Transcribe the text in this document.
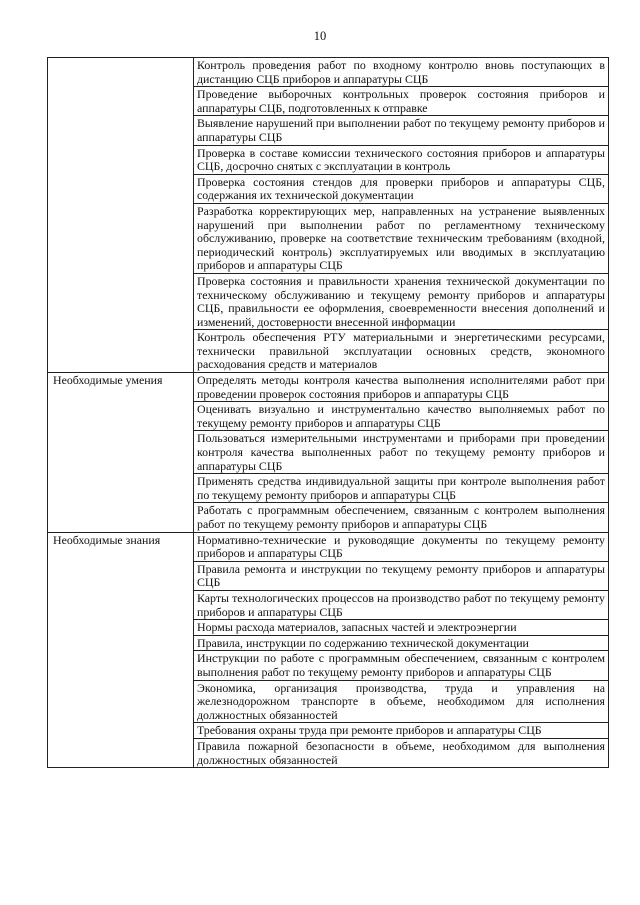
10
	Контроль проведения работ по входному контролю вновь поступающих в дистанцию СЦБ приборов и аппаратуры СЦБ
	Проведение выборочных контрольных проверок состояния приборов и аппаратуры СЦБ, подготовленных к отправке
	Выявление нарушений при выполнении работ по текущему ремонту приборов и аппаратуры СЦБ
	Проверка в составе комиссии технического состояния приборов и аппаратуры СЦБ, досрочно снятых с эксплуатации в контроль
	Проверка состояния стендов для проверки приборов и аппаратуры СЦБ, содержания их технической документации
	Разработка корректирующих мер, направленных на устранение выявленных нарушений при выполнении работ по регламентному техническому обслуживанию, проверке на соответствие техническим требованиям (входной, периодический контроль) эксплуатируемых или вводимых в эксплуатацию приборов и аппаратуры СЦБ
	Проверка состояния и правильности хранения технической документации по техническому обслуживанию и текущему ремонту приборов и аппаратуры СЦБ, правильности ее оформления, своевременности внесения дополнений и изменений, достоверности внесенной информации
	Контроль обеспечения РТУ материальными и энергетическими ресурсами, технически правильной эксплуатации основных средств, экономного расходования средств и материалов
Необходимые умения	Определять методы контроля качества выполнения исполнителями работ при проведении проверок состояния приборов и аппаратуры СЦБ
	Оценивать визуально и инструментально качество выполняемых работ по текущему ремонту приборов и аппаратуры СЦБ
	Пользоваться измерительными инструментами и приборами при проведении контроля качества выполненных работ по текущему ремонту приборов и аппаратуры СЦБ
	Применять средства индивидуальной защиты при контроле выполнения работ по текущему ремонту приборов и аппаратуры СЦБ
	Работать с программным обеспечением, связанным с контролем выполнения работ по текущему ремонту приборов и аппаратуры СЦБ
Необходимые знания	Нормативно-технические и руководящие документы по текущему ремонту приборов и аппаратуры СЦБ
	Правила ремонта и инструкции по текущему ремонту приборов и аппаратуры СЦБ
	Карты технологических процессов на производство работ по текущему ремонту приборов и аппаратуры СЦБ
	Нормы расхода материалов, запасных частей и электроэнергии
	Правила, инструкции по содержанию технической документации
	Инструкции по работе с программным обеспечением, связанным с контролем выполнения работ по текущему ремонту приборов и аппаратуры СЦБ
	Экономика, организация производства, труда и управления на железнодорожном транспорте в объеме, необходимом для исполнения должностных обязанностей
	Требования охраны труда при ремонте приборов и аппаратуры СЦБ
	Правила пожарной безопасности в объеме, необходимом для выполнения должностных обязанностей
